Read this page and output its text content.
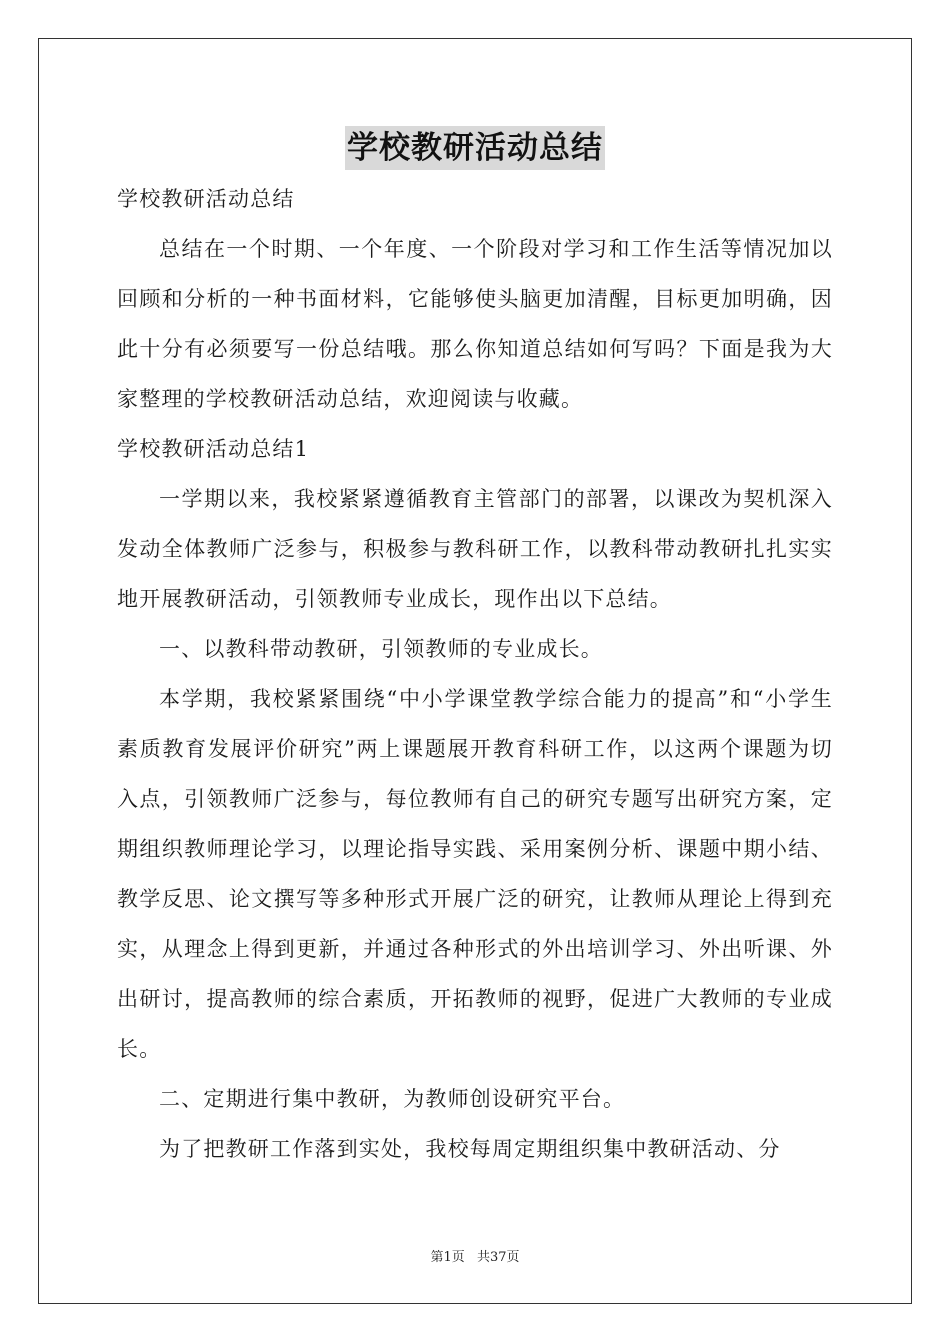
学校教研活动总结

学校教研活动总结

总结在一个时期、一个年度、一个阶段对学习和工作生活等情况加以回顾和分析的一种书面材料，它能够使头脑更加清醒，目标更加明确，因此十分有必须要写一份总结哦。那么你知道总结如何写吗？下面是我为大家整理的学校教研活动总结，欢迎阅读与收藏。

学校教研活动总结1

一学期以来，我校紧紧遵循教育主管部门的部署，以课改为契机深入发动全体教师广泛参与，积极参与教科研工作，以教科带动教研扎扎实实地开展教研活动，引领教师专业成长，现作出以下总结。

一、以教科带动教研，引领教师的专业成长。

本学期，我校紧紧围绕“中小学课堂教学综合能力的提高”和“小学生素质教育发展评价研究”两上课题展开教育科研工作，以这两个课题为切入点，引领教师广泛参与，每位教师有自己的研究专题写出研究方案，定期组织教师理论学习，以理论指导实践、采用案例分析、课题中期小结、教学反思、论文撰写等多种形式开展广泛的研究，让教师从理论上得到充实，从理念上得到更新，并通过各种形式的外出培训学习、外出听课、外出研讨，提高教师的综合素质，开拓教师的视野，促进广大教师的专业成长。

二、定期进行集中教研，为教师创设研究平台。

为了把教研工作落到实处，我校每周定期组织集中教研活动、分

第1页 共37页
